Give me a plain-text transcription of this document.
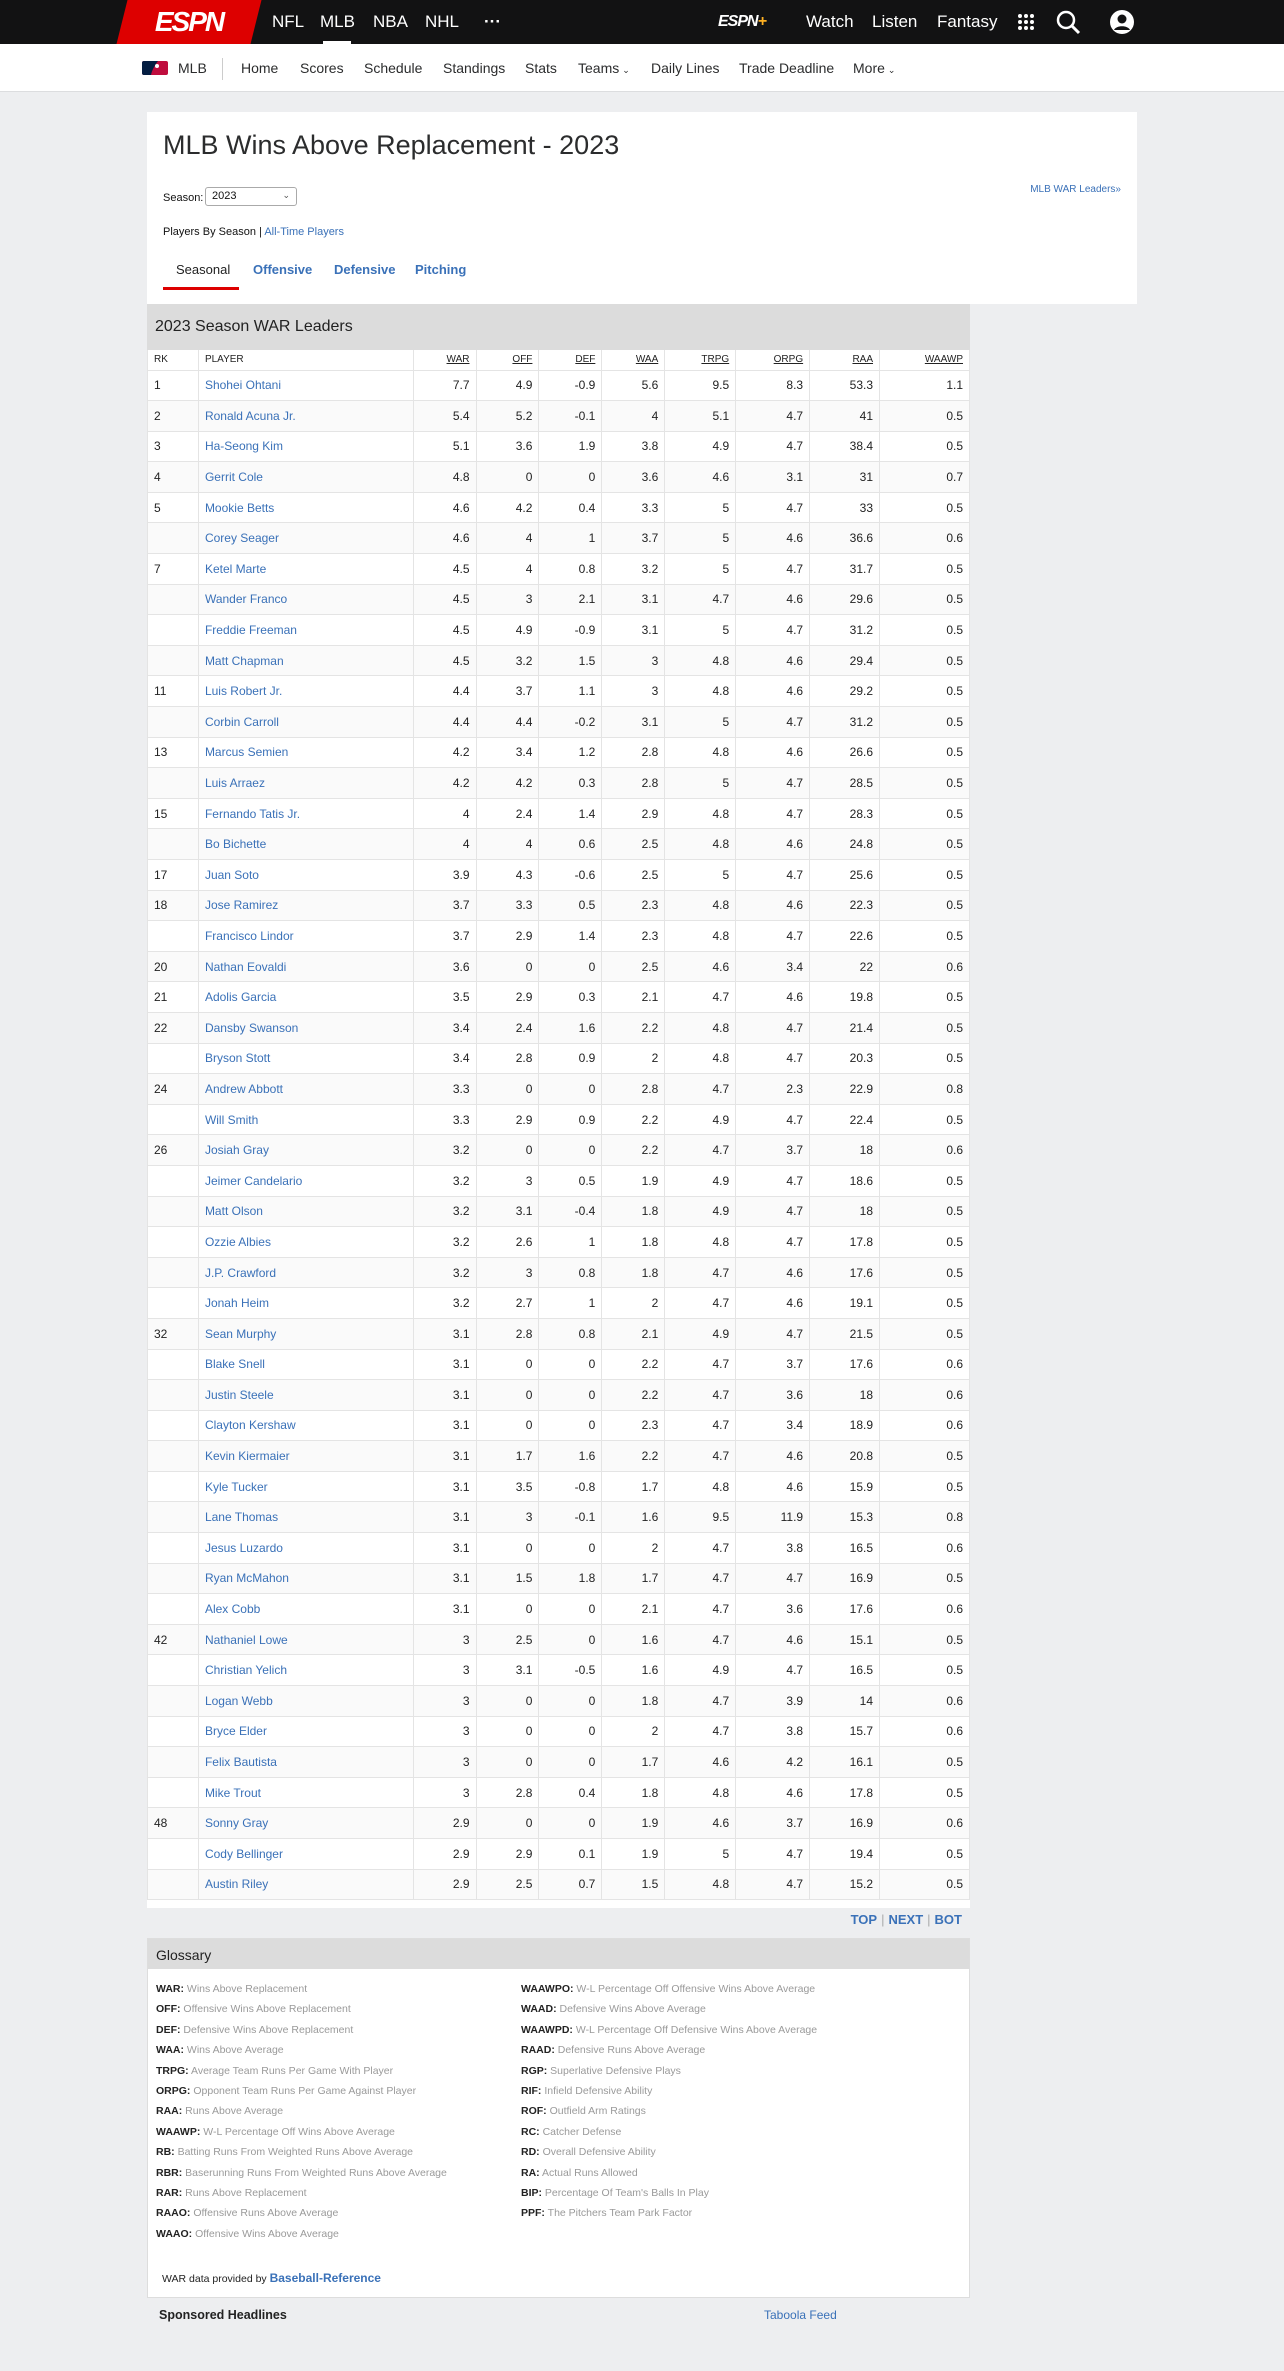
ESPN	NFL MLB NBA NHL ···	ESPN+ Watch Listen Fantasy
MLB Home Scores Schedule Standings Stats Teams ⌄ Daily Lines Trade Deadline More ⌄
MLB Wins Above Replacement - 2023
Season: 2023	⌄	MLB WAR Leaders»
Players By Season | All-Time Players
Seasonal Offensive Defensive Pitching
2023 Season WAR Leaders
RK	PLAYER	WAR	OFF	DEF	WAA	TRPG	ORPG	RAA	WAAWP
1	Shohei Ohtani	7.7	4.9	-0.9	5.6	9.5	8.3	53.3	1.1
2	Ronald Acuna Jr.	5.4	5.2	-0.1	4	5.1	4.7	41	0.5
3	Ha-Seong Kim	5.1	3.6	1.9	3.8	4.9	4.7	38.4	0.5
4	Gerrit Cole	4.8	0	0	3.6	4.6	3.1	31	0.7
5	Mookie Betts	4.6	4.2	0.4	3.3	5	4.7	33	0.5
	Corey Seager	4.6	4	1	3.7	5	4.6	36.6	0.6
7	Ketel Marte	4.5	4	0.8	3.2	5	4.7	31.7	0.5
	Wander Franco	4.5	3	2.1	3.1	4.7	4.6	29.6	0.5
	Freddie Freeman	4.5	4.9	-0.9	3.1	5	4.7	31.2	0.5
	Matt Chapman	4.5	3.2	1.5	3	4.8	4.6	29.4	0.5
11	Luis Robert Jr.	4.4	3.7	1.1	3	4.8	4.6	29.2	0.5
	Corbin Carroll	4.4	4.4	-0.2	3.1	5	4.7	31.2	0.5
13	Marcus Semien	4.2	3.4	1.2	2.8	4.8	4.6	26.6	0.5
	Luis Arraez	4.2	4.2	0.3	2.8	5	4.7	28.5	0.5
15	Fernando Tatis Jr.	4	2.4	1.4	2.9	4.8	4.7	28.3	0.5
	Bo Bichette	4	4	0.6	2.5	4.8	4.6	24.8	0.5
17	Juan Soto	3.9	4.3	-0.6	2.5	5	4.7	25.6	0.5
18	Jose Ramirez	3.7	3.3	0.5	2.3	4.8	4.6	22.3	0.5
	Francisco Lindor	3.7	2.9	1.4	2.3	4.8	4.7	22.6	0.5
20	Nathan Eovaldi	3.6	0	0	2.5	4.6	3.4	22	0.6
21	Adolis Garcia	3.5	2.9	0.3	2.1	4.7	4.6	19.8	0.5
22	Dansby Swanson	3.4	2.4	1.6	2.2	4.8	4.7	21.4	0.5
	Bryson Stott	3.4	2.8	0.9	2	4.8	4.7	20.3	0.5
24	Andrew Abbott	3.3	0	0	2.8	4.7	2.3	22.9	0.8
	Will Smith	3.3	2.9	0.9	2.2	4.9	4.7	22.4	0.5
26	Josiah Gray	3.2	0	0	2.2	4.7	3.7	18	0.6
	Jeimer Candelario	3.2	3	0.5	1.9	4.9	4.7	18.6	0.5
	Matt Olson	3.2	3.1	-0.4	1.8	4.9	4.7	18	0.5
	Ozzie Albies	3.2	2.6	1	1.8	4.8	4.7	17.8	0.5
	J.P. Crawford	3.2	3	0.8	1.8	4.7	4.6	17.6	0.5
	Jonah Heim	3.2	2.7	1	2	4.7	4.6	19.1	0.5
32	Sean Murphy	3.1	2.8	0.8	2.1	4.9	4.7	21.5	0.5
	Blake Snell	3.1	0	0	2.2	4.7	3.7	17.6	0.6
	Justin Steele	3.1	0	0	2.2	4.7	3.6	18	0.6
	Clayton Kershaw	3.1	0	0	2.3	4.7	3.4	18.9	0.6
	Kevin Kiermaier	3.1	1.7	1.6	2.2	4.7	4.6	20.8	0.5
	Kyle Tucker	3.1	3.5	-0.8	1.7	4.8	4.6	15.9	0.5
	Lane Thomas	3.1	3	-0.1	1.6	9.5	11.9	15.3	0.8
	Jesus Luzardo	3.1	0	0	2	4.7	3.8	16.5	0.6
	Ryan McMahon	3.1	1.5	1.8	1.7	4.7	4.7	16.9	0.5
	Alex Cobb	3.1	0	0	2.1	4.7	3.6	17.6	0.6
42	Nathaniel Lowe	3	2.5	0	1.6	4.7	4.6	15.1	0.5
	Christian Yelich	3	3.1	-0.5	1.6	4.9	4.7	16.5	0.5
	Logan Webb	3	0	0	1.8	4.7	3.9	14	0.6
	Bryce Elder	3	0	0	2	4.7	3.8	15.7	0.6
	Felix Bautista	3	0	0	1.7	4.6	4.2	16.1	0.5
	Mike Trout	3	2.8	0.4	1.8	4.8	4.6	17.8	0.5
48	Sonny Gray	2.9	0	0	1.9	4.6	3.7	16.9	0.6
	Cody Bellinger	2.9	2.9	0.1	1.9	5	4.7	19.4	0.5
	Austin Riley	2.9	2.5	0.7	1.5	4.8	4.7	15.2	0.5
TOP | NEXT | BOT
Glossary
WAR: Wins Above Replacement
OFF: Offensive Wins Above Replacement
DEF: Defensive Wins Above Replacement
WAA: Wins Above Average
TRPG: Average Team Runs Per Game With Player
ORPG: Opponent Team Runs Per Game Against Player
RAA: Runs Above Average
WAAWP: W-L Percentage Off Wins Above Average
RB: Batting Runs From Weighted Runs Above Average
RBR: Baserunning Runs From Weighted Runs Above Average
RAR: Runs Above Replacement
RAAO: Offensive Runs Above Average
WAAO: Offensive Wins Above Average
WAAWPO: W-L Percentage Off Offensive Wins Above Average
WAAD: Defensive Wins Above Average
WAAWPD: W-L Percentage Off Defensive Wins Above Average
RAAD: Defensive Runs Above Average
RGP: Superlative Defensive Plays
RIF: Infield Defensive Ability
ROF: Outfield Arm Ratings
RC: Catcher Defense
RD: Overall Defensive Ability
RA: Actual Runs Allowed
BIP: Percentage Of Team's Balls In Play
PPF: The Pitchers Team Park Factor
WAR data provided by Baseball-Reference
Sponsored Headlines	Taboola Feed
